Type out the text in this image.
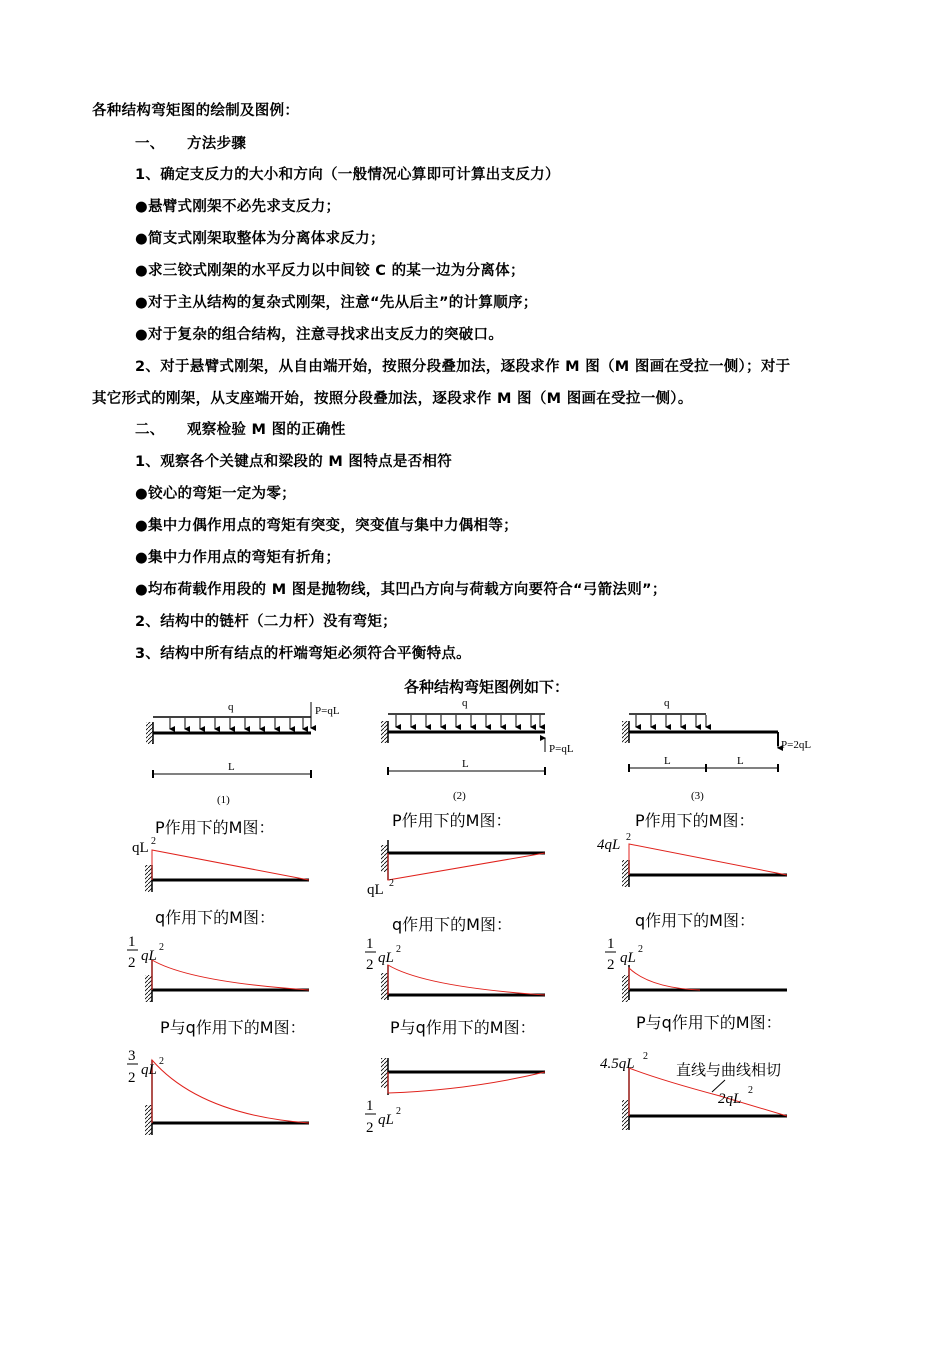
各种结构弯矩图的绘制及图例：
一、 方法步骤
1、确定支反力的大小和方向（一般情况心算即可计算出支反力）
●悬臂式刚架不必先求支反力；
●简支式刚架取整体为分离体求反力；
●求三铰式刚架的水平反力以中间铰 C 的某一边为分离体；
●对于主从结构的复杂式刚架，注意“先从后主”的计算顺序；
●对于复杂的组合结构，注意寻找求出支反力的突破口。
2、对于悬臂式刚架，从自由端开始，按照分段叠加法，逐段求作 M 图（M 图画在受拉一侧）；对于
其它形式的刚架，从支座端开始，按照分段叠加法，逐段求作 M 图（M 图画在受拉一侧）。
二、 观察检验 M 图的正确性
1、观察各个关键点和梁段的 M 图特点是否相符
●铰心的弯矩一定为零；
●集中力偶作用点的弯矩有突变，突变值与集中力偶相等；
●集中力作用点的弯矩有折角；
●均布荷载作用段的 M 图是抛物线，其凹凸方向与荷载方向要符合“弓箭法则”；
2、结构中的链杆（二力杆）没有弯矩；
3、结构中所有结点的杆端弯矩必须符合平衡特点。
各种结构弯矩图例如下：
q	P=qL
L
(1)
q
P=qL
L
(2)
q
P=2qL
L	L
(3)
P作用下的M图：	P作用下的M图：	P作用下的M图：
qL 2
qL 2
4qL 2
q作用下的M图：	q作用下的M图：	q作用下的M图：
1
2 qL
2	1
2 qL
2	1
2 qL
2
P与q作用下的M图：	P与q作用下的M图：	P与q作用下的M图：
3
2 qL
2
1
2 qL
2
4.5qL 2
直线与曲线相切
2qL
2
